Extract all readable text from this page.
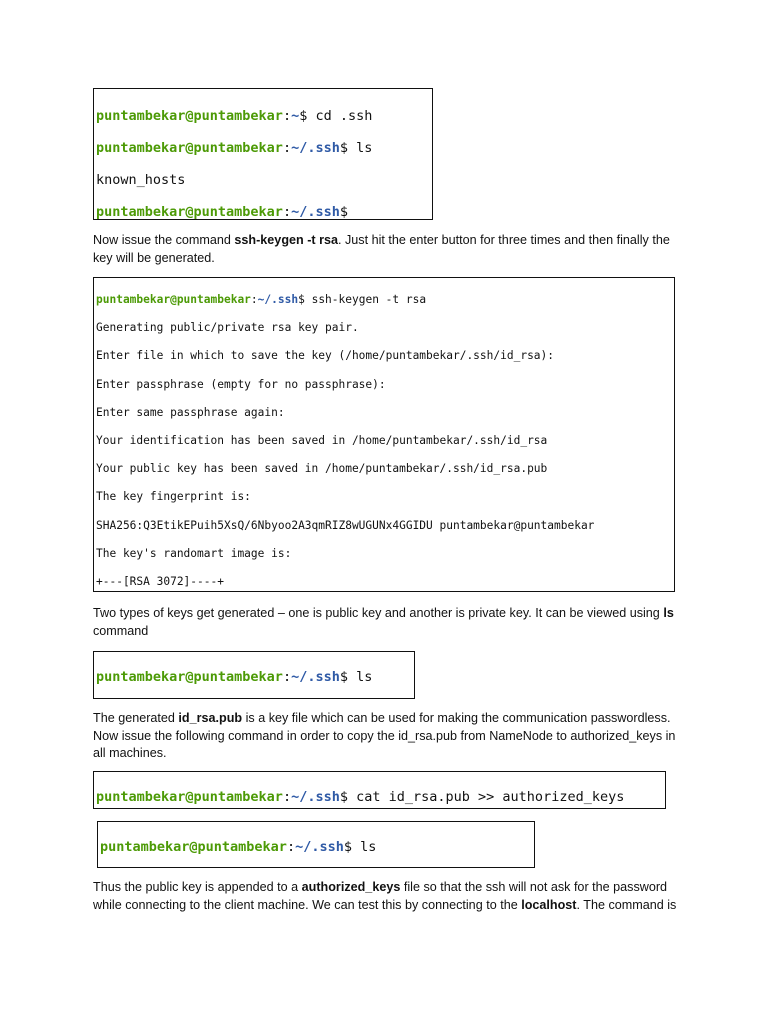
puntambekar@puntambekar:~$ cd .ssh

puntambekar@puntambekar:~/.ssh$ ls

known_hosts

puntambekar@puntambekar:~/.ssh$

Now issue the command ssh-keygen -t rsa. Just hit the enter button for three times and then finally the key will be generated.

puntambekar@puntambekar:~/.ssh$ ssh-keygen -t rsa

Generating public/private rsa key pair.

Enter file in which to save the key (/home/puntambekar/.ssh/id_rsa):

Enter passphrase (empty for no passphrase):

Enter same passphrase again:

Your identification has been saved in /home/puntambekar/.ssh/id_rsa

Your public key has been saved in /home/puntambekar/.ssh/id_rsa.pub

The key fingerprint is:

SHA256:Q3EtikEPuih5XsQ/6Nbyoo2A3qmRIZ8wUGUNx4GGIDU puntambekar@puntambekar

The key's randomart image is:

+---[RSA 3072]----+

Two types of keys get generated – one is public key and another is private key. It can be viewed using ls command

puntambekar@puntambekar:~/.ssh$ ls

The generated id_rsa.pub is a key file which can be used for making the communication passwordless. Now issue the following command in order to copy the id_rsa.pub from NameNode to authorized_keys in all machines.

puntambekar@puntambekar:~/.ssh$ cat id_rsa.pub >> authorized_keys

puntambekar@puntambekar:~/.ssh$ ls

Thus the public key is appended to a authorized_keys file so that the ssh will not ask for the password while connecting to the client machine. We can test this by connecting to the localhost. The command is
